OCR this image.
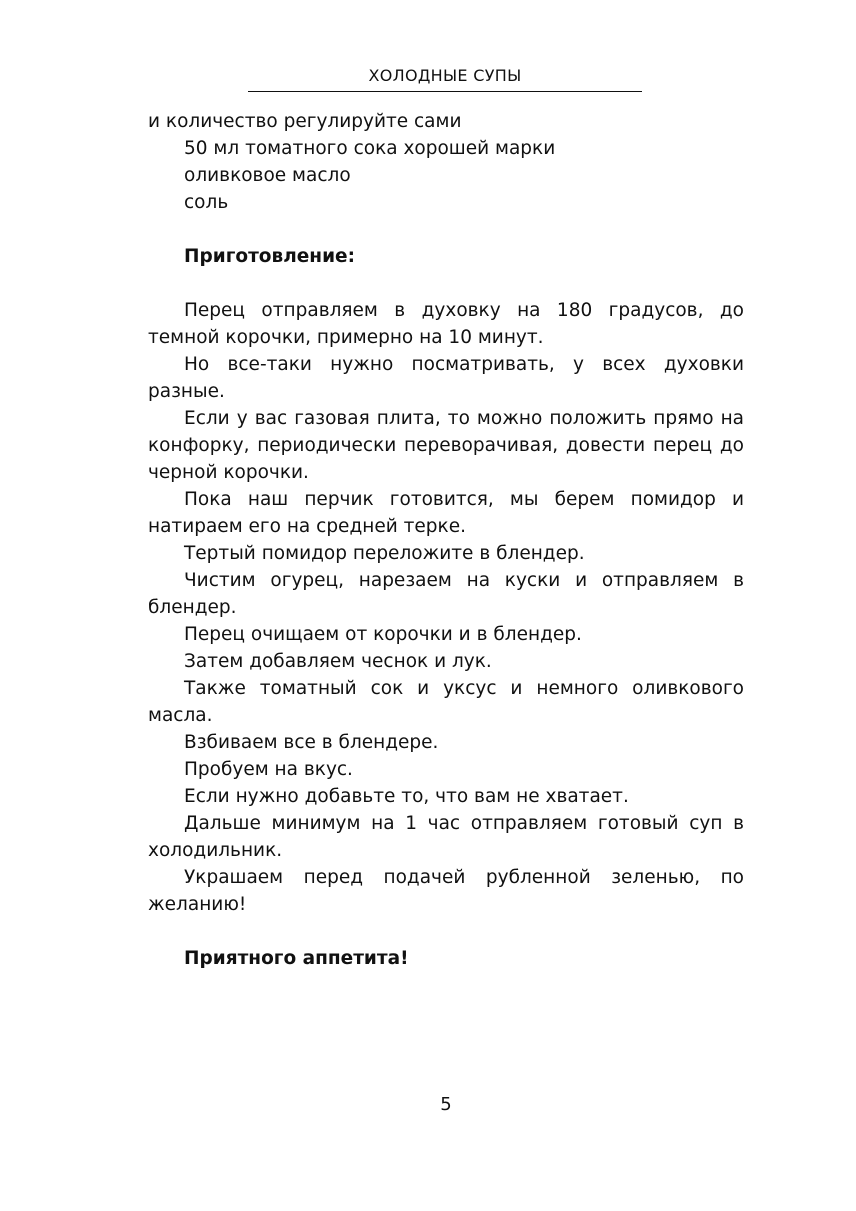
ХОЛОДНЫЕ СУПЫ
и количество регулируйте сами
50 мл томатного сока хорошей марки
оливковое масло
соль

Приготовление:

Перец отправляем в духовку на 180 градусов, до темной корочки, примерно на 10 минут.

Но все-таки нужно посматривать, у всех духовки разные.

Если у вас газовая плита, то можно положить прямо на конфорку, периодически переворачивая, довести перец до черной корочки.

Пока наш перчик готовится, мы берем помидор и натираем его на средней терке.

Тертый помидор переложите в блендер.

Чистим огурец, нарезаем на куски и отправляем в блендер.

Перец очищаем от корочки и в блендер.

Затем добавляем чеснок и лук.

Также томатный сок и уксус и немного оливкового масла.

Взбиваем все в блендере.

Пробуем на вкус.

Если нужно добавьте то, что вам не хватает.

Дальше минимум на 1 час отправляем готовый суп в холодильник.

Украшаем перед подачей рубленной зеленью, по желанию!

Приятного аппетита!

5
